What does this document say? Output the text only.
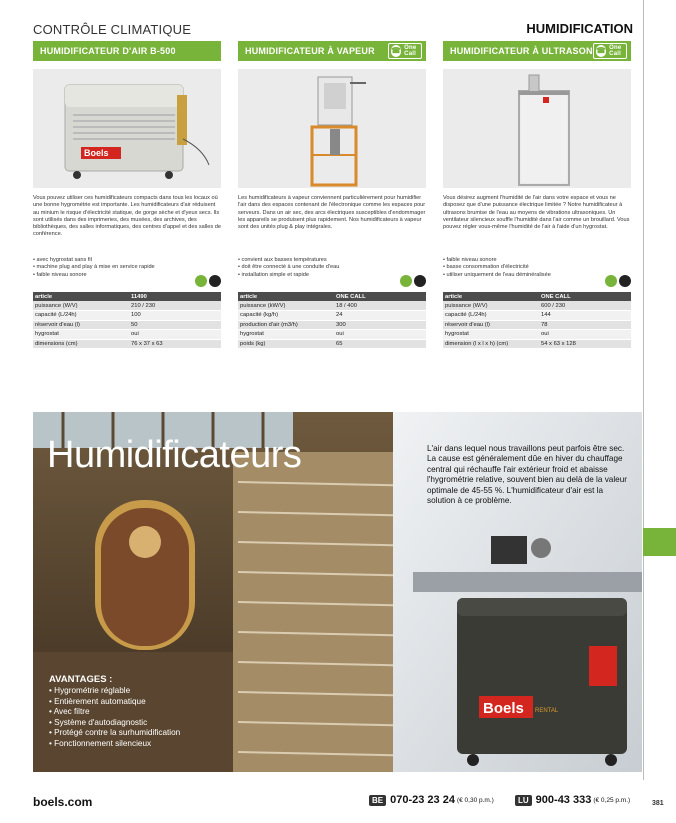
CONTRÔLE CLIMATIQUE	HUMIDIFICATION
HUMIDIFICATEUR D'AIR B-500
Boels
Vous pouvez utiliser ces humidificateurs compacts dans tous les locaux où une bonne hygrométrie est importante. Les humidificateurs d'air réduisent au minium le risque d'électricité statique, de gorge sèche et d'yeux secs. Ils sont utilisés dans des imprimeries, des musées, des archives, des bibliothèques, des salles informatiques, des centres d'appel et des salles de conférence.
• avec hygrostat sans fil
• machine plug and play à mise en service rapide
• faible niveau sonore
HUMIDIFICATEUR À VAPEUR ☎ One Call
Les humidificateurs à vapeur conviennent particulièrement pour humidifier l'air dans des espaces contenant de l'électronique comme les espaces pour serveurs. Dans un air sec, des arcs électriques susceptibles d'endommager les appareils se produisent plus rapidement. Nos humidificateurs à vapeur sont des unités plug & play intégrales.
• convient aux basses températures
• doit être connecté à une conduite d'eau
• installation simple et rapide
HUMIDIFICATEUR À ULTRASON ☎ One Call
Vous désirez augment l'humidité de l'air dans votre espace et vous ne disposez que d'une puissance électrique limitée ? Notre humidificateur à ultrasons brumise de l'eau au moyens de vibrations ultrasoniques. Un ventilateur silencieux souffle l'humidité dans l'air comme un brouillard. Vous pouvez régler vous-même l'humidité de l'air à l'aide d'un hygrostat.
• faible niveau sonore
• basse consommation d'électricité
• utiliser uniquement de l'eau déminéralisée
article	11490
puissance (W/V)	210 / 230
capacité (L/24h)	100
réservoir d'eau (l)	50
hygrostat	oui
dimensions (cm)	76 x 37 x 63
article	ONE CALL
puissance (kW/V)	18 / 400
capacité (kg/h)	24
production d'air (m3/h)	300
hygrostat	oui
poids (kg)	65
article	ONE CALL
puissance (W/V)	600 / 230
capacité (L/24h)	144
réservoir d'eau (l)	78
hygrostat	oui
dimension (l x l x h) (cm)	54 x 63 x 128
Boels RENTAL
Humidificateurs	L'air dans lequel nous travaillons peut parfois être sec. La cause est généralement dûe en hiver du chauffage central qui réchauffe l'air extérieur froid et abaisse l'hygrométrie relative, souvent bien au delà de la valeur optimale de 45-55 %. L'humidificateur d'air est la solution à ce problème.
AVANTAGES :
• Hygrométrie réglable
• Entièrement automatique
• Avec filtre
• Système d'autodiagnostic
• Protégé contre la surhumidification
• Fonctionnement silencieux
boels.com	BE 070-23 23 24 (€ 0,30 p.m.)	LU 900-43 333 (€ 0,25 p.m.)	381
